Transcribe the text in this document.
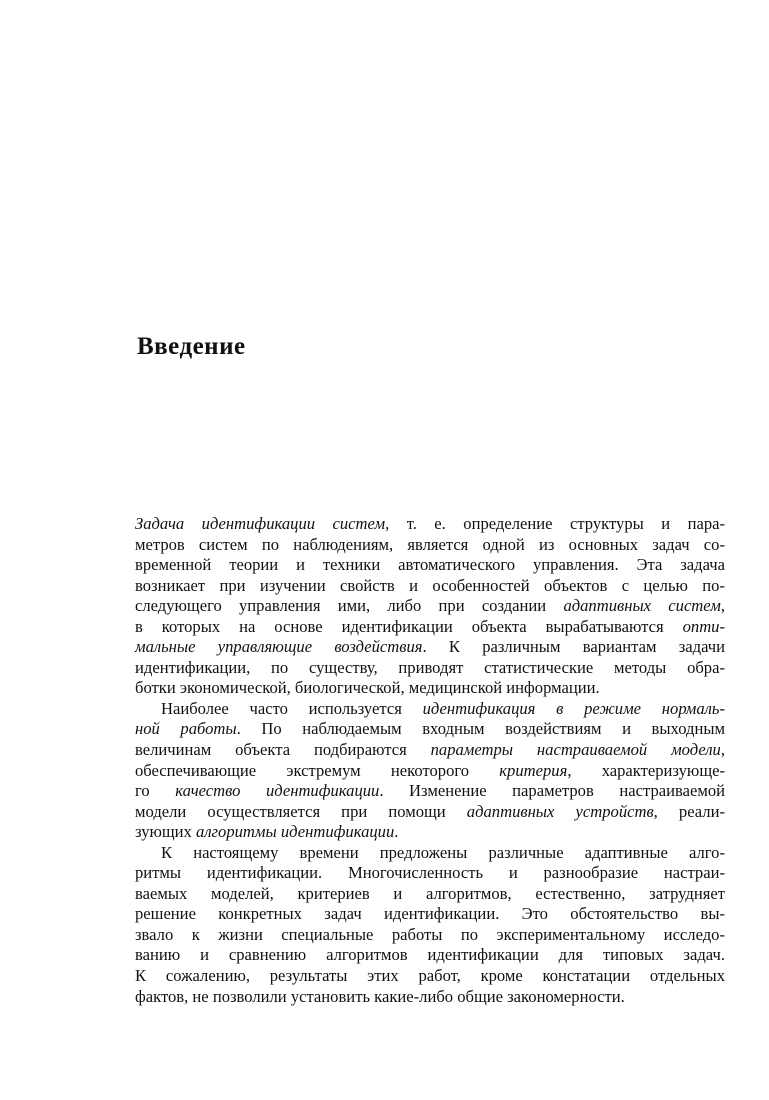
Введение

Задача идентификации систем, т. е. определение структуры и пара-
метров систем по наблюдениям, является одной из основных задач со-
временной теории и техники автоматического управления. Эта задача
возникает при изучении свойств и особенностей объектов с целью по-
следующего управления ими, либо при создании адаптивных систем,
в которых на основе идентификации объекта вырабатываются опти-
мальные управляющие воздействия. К различным вариантам задачи
идентификации, по существу, приводят статистические методы обра-
ботки экономической, биологической, медицинской информации.

Наиболее часто используется идентификация в режиме нормаль-
ной работы. По наблюдаемым входным воздействиям и выходным
величинам объекта подбираются параметры настраиваемой модели,
обеспечивающие экстремум некоторого критерия, характеризующе-
го качество идентификации. Изменение параметров настраиваемой
модели осуществляется при помощи адаптивных устройств, реали-
зующих алгоритмы идентификации.

К настоящему времени предложены различные адаптивные алго-
ритмы идентификации. Многочисленность и разнообразие настраи-
ваемых моделей, критериев и алгоритмов, естественно, затрудняет
решение конкретных задач идентификации. Это обстоятельство вы-
звало к жизни специальные работы по экспериментальному исследо-
ванию и сравнению алгоритмов идентификации для типовых задач.
К сожалению, результаты этих работ, кроме констатации отдельных
фактов, не позволили установить какие-либо общие закономерности.
